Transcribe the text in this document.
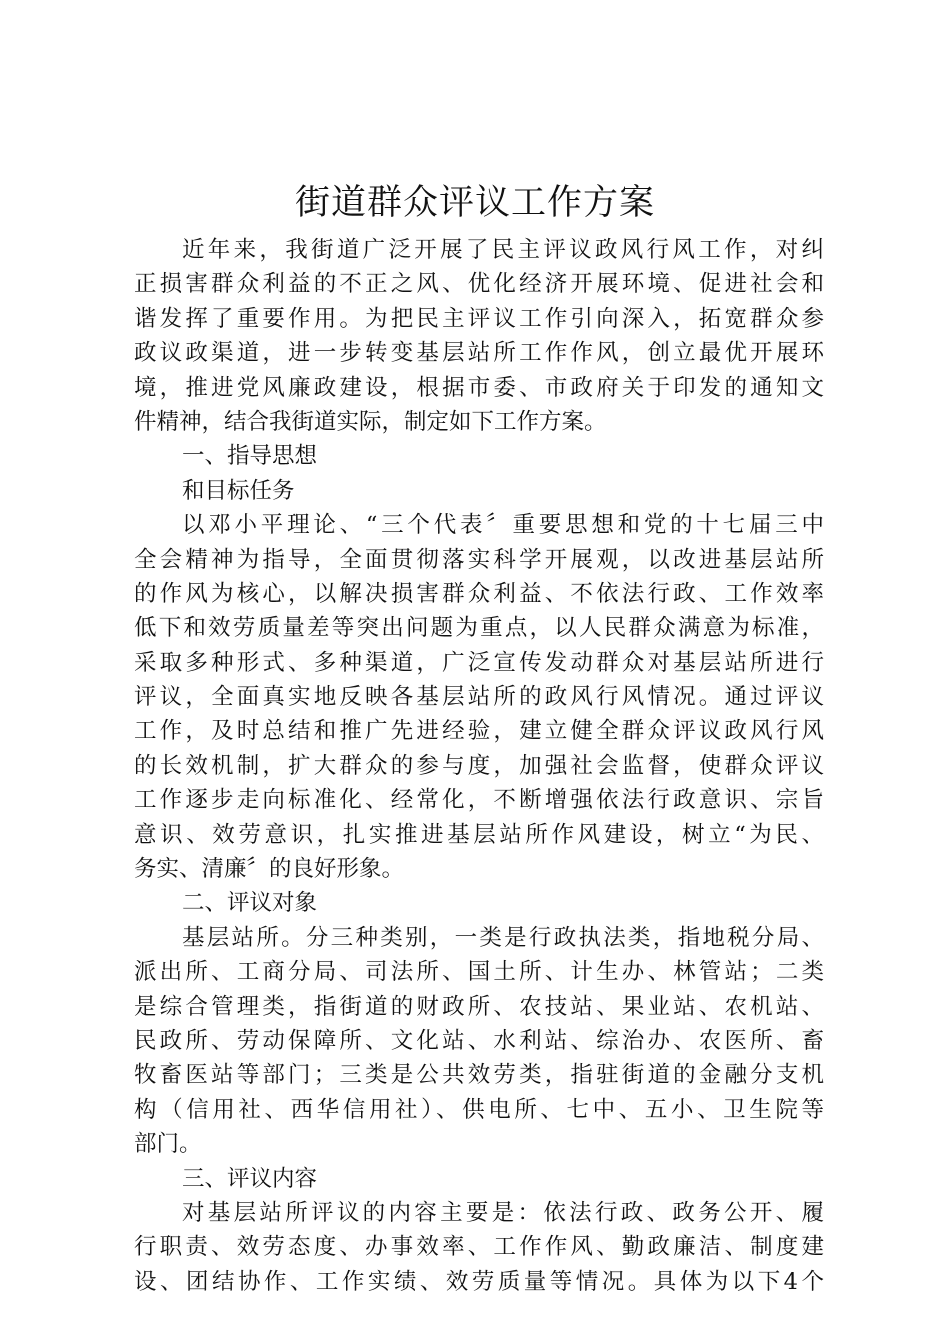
街道群众评议工作方案
近年来，我街道广泛开展了民主评议政风行风工作，对纠
正损害群众利益的不正之风、优化经济开展环境、促进社会和
谐发挥了重要作用。为把民主评议工作引向深入，拓宽群众参
政议政渠道，进一步转变基层站所工作作风，创立最优开展环
境，推进党风廉政建设，根据市委、市政府关于印发的通知文
件精神，结合我街道实际，制定如下工作方案。
一、指导思想
和目标任务
以邓小平理论、“三个代表〞重要思想和党的十七届三中
全会精神为指导，全面贯彻落实科学开展观，以改进基层站所
的作风为核心，以解决损害群众利益、不依法行政、工作效率
低下和效劳质量差等突出问题为重点，以人民群众满意为标准，
采取多种形式、多种渠道，广泛宣传发动群众对基层站所进行
评议，全面真实地反映各基层站所的政风行风情况。通过评议
工作，及时总结和推广先进经验，建立健全群众评议政风行风
的长效机制，扩大群众的参与度，加强社会监督，使群众评议
工作逐步走向标准化、经常化，不断增强依法行政意识、宗旨
意识、效劳意识，扎实推进基层站所作风建设，树立“为民、
务实、清廉〞的良好形象。
二、评议对象
基层站所。分三种类别，一类是行政执法类，指地税分局、
派出所、工商分局、司法所、国土所、计生办、林管站；二类
是综合管理类，指街道的财政所、农技站、果业站、农机站、
民政所、劳动保障所、文化站、水利站、综治办、农医所、畜
牧畜医站等部门；三类是公共效劳类，指驻街道的金融分支机
构（信用社、西华信用社）、供电所、七中、五小、卫生院等
部门。
三、评议内容
对基层站所评议的内容主要是：依法行政、政务公开、履
行职责、效劳态度、办事效率、工作作风、勤政廉洁、制度建
设、团结协作、工作实绩、效劳质量等情况。具体为以下4个
